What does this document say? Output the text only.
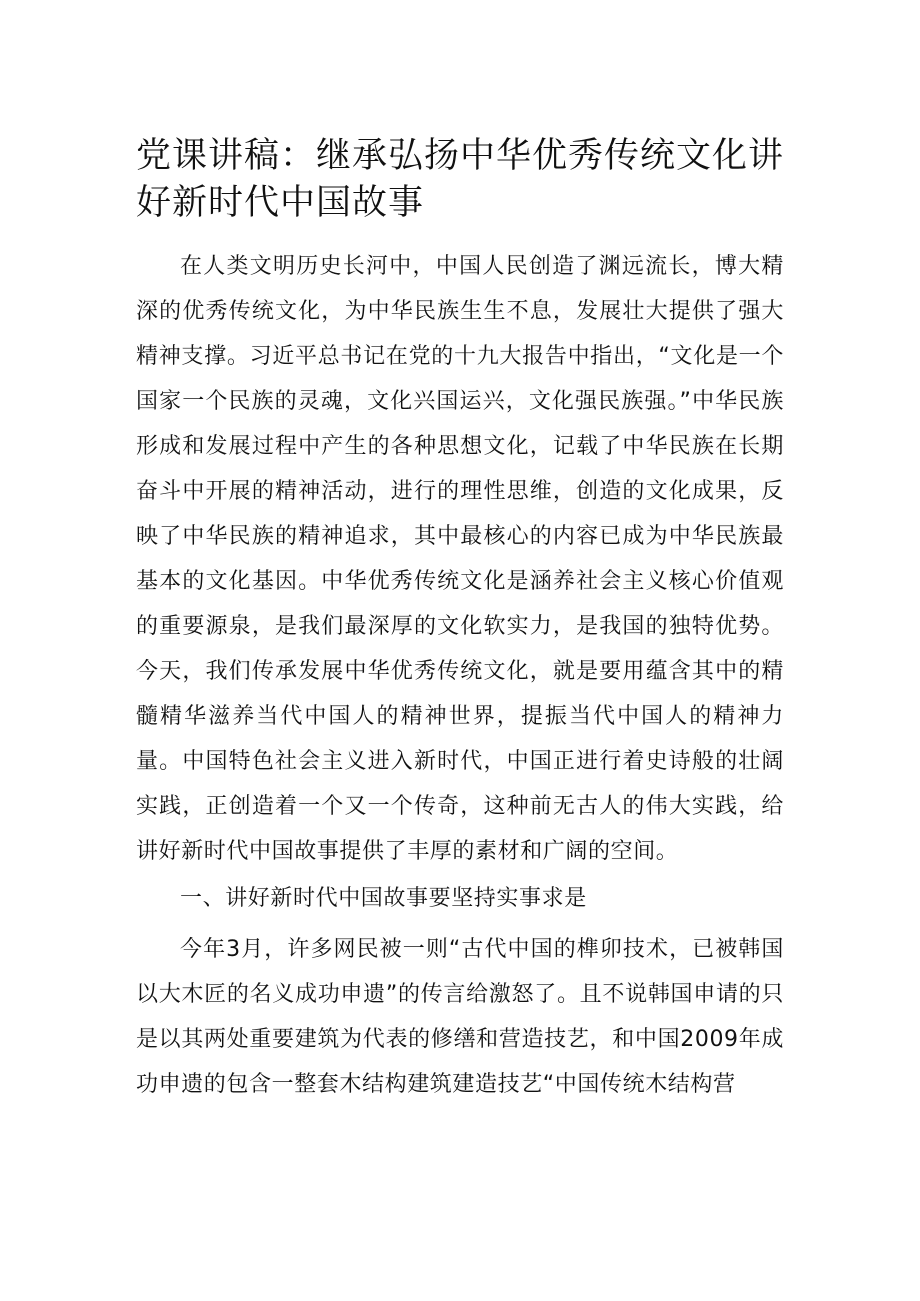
党课讲稿：继承弘扬中华优秀传统文化讲好新时代中国故事

在人类文明历史长河中，中国人民创造了渊远流长，博大精深的优秀传统文化，为中华民族生生不息，发展壮大提供了强大精神支撑。习近平总书记在党的十九大报告中指出，“文化是一个国家一个民族的灵魂，文化兴国运兴，文化强民族强。”中华民族形成和发展过程中产生的各种思想文化，记载了中华民族在长期奋斗中开展的精神活动，进行的理性思维，创造的文化成果，反映了中华民族的精神追求，其中最核心的内容已成为中华民族最基本的文化基因。中华优秀传统文化是涵养社会主义核心价值观的重要源泉，是我们最深厚的文化软实力，是我国的独特优势。今天，我们传承发展中华优秀传统文化，就是要用蕴含其中的精髓精华滋养当代中国人的精神世界，提振当代中国人的精神力量。中国特色社会主义进入新时代，中国正进行着史诗般的壮阔实践，正创造着一个又一个传奇，这种前无古人的伟大实践，给讲好新时代中国故事提供了丰厚的素材和广阔的空间。

一、讲好新时代中国故事要坚持实事求是

今年3月，许多网民被一则“古代中国的榫卯技术，已被韩国以大木匠的名义成功申遗”的传言给激怒了。且不说韩国申请的只是以其两处重要建筑为代表的修缮和营造技艺，和中国2009年成功申遗的包含一整套木结构建筑建造技艺“中国传统木结构营
